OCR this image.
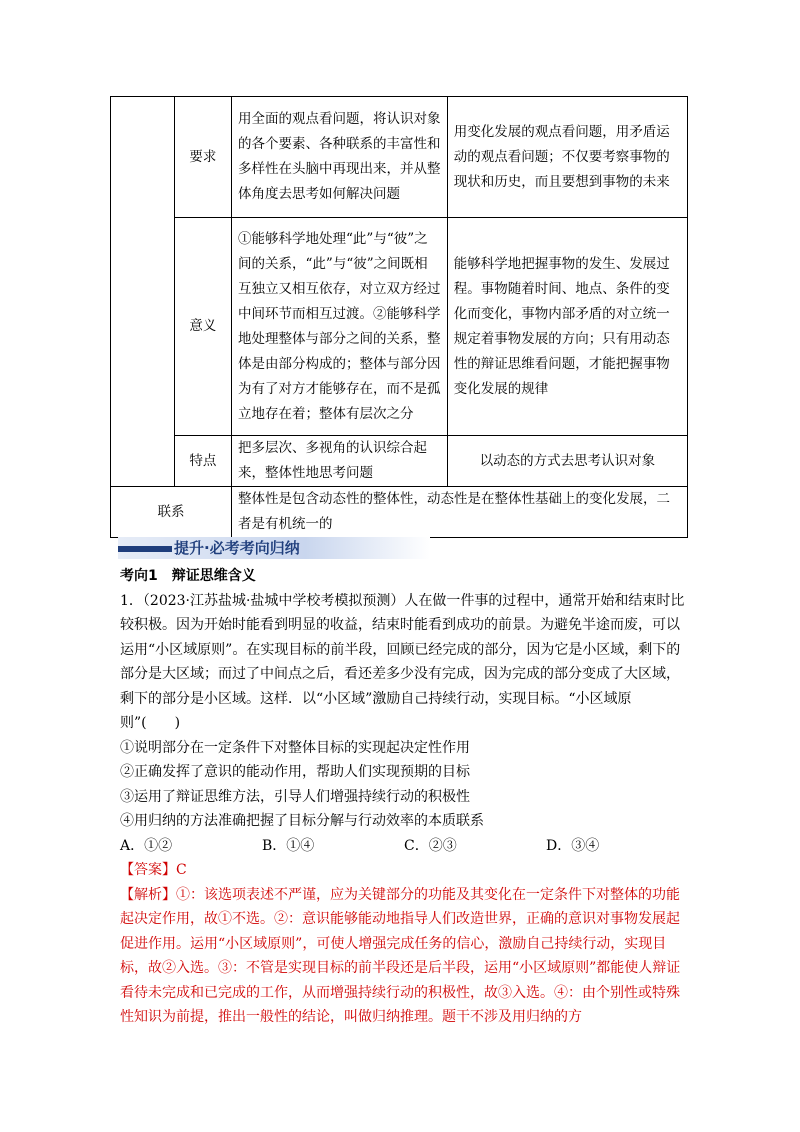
	要求	用全面的观点看问题，将认识对象的各个要素、各种联系的丰富性和多样性在头脑中再现出来，并从整体角度去思考如何解决问题	用变化发展的观点看问题，用矛盾运动的观点看问题；不仅要考察事物的现状和历史，而且要想到事物的未来
	意义	①能够科学地处理“此”与“彼”之间的关系，“此”与“彼”之间既相互独立又相互依存，对立双方经过中间环节而相互过渡。②能够科学地处理整体与部分之间的关系，整体是由部分构成的；整体与部分因为有了对方才能够存在，而不是孤立地存在着；整体有层次之分	能够科学地把握事物的发生、发展过程。事物随着时间、地点、条件的变化而变化，事物内部矛盾的对立统一规定着事物发展的方向；只有用动态性的辩证思维看问题，才能把握事物变化发展的规律
	特点	把多层次、多视角的认识综合起来，整体性地思考问题	以动态的方式去思考认识对象
联系		整体性是包含动态性的整体性，动态性是在整体性基础上的变化发展，二者是有机统一的	
提升·必考考向归纳
考向1　辩证思维含义
1．（2023·江苏盐城·盐城中学校考模拟预测）人在做一件事的过程中，通常开始和结束时比较积极。因为开始时能看到明显的收益，结束时能看到成功的前景。为避免半途而废，可以运用“小区域原则”。在实现目标的前半段，回顾已经完成的部分，因为它是小区域，剩下的部分是大区域；而过了中间点之后，看还差多少没有完成，因为完成的部分变成了大区域，剩下的部分是小区域。这样．以“小区域”激励自己持续行动，实现目标。“小区域原则”(　　)
①说明部分在一定条件下对整体目标的实现起决定性作用
②正确发挥了意识的能动作用，帮助人们实现预期的目标
③运用了辩证思维方法，引导人们增强持续行动的积极性
④用归纳的方法准确把握了目标分解与行动效率的本质联系
A．①②	B．①④	C．②③	D．③④
【答案】C
【解析】①：该选项表述不严谨，应为关键部分的功能及其变化在一定条件下对整体的功能起决定作用，故①不选。②：意识能够能动地指导人们改造世界，正确的意识对事物发展起促进作用。运用“小区域原则”，可使人增强完成任务的信心，激励自己持续行动，实现目标，故②入选。③：不管是实现目标的前半段还是后半段，运用“小区域原则”都能使人辩证看待未完成和已完成的工作，从而增强持续行动的积极性，故③入选。④：由个别性或特殊性知识为前提，推出一般性的结论，叫做归纳推理。题干不涉及用归纳的方
